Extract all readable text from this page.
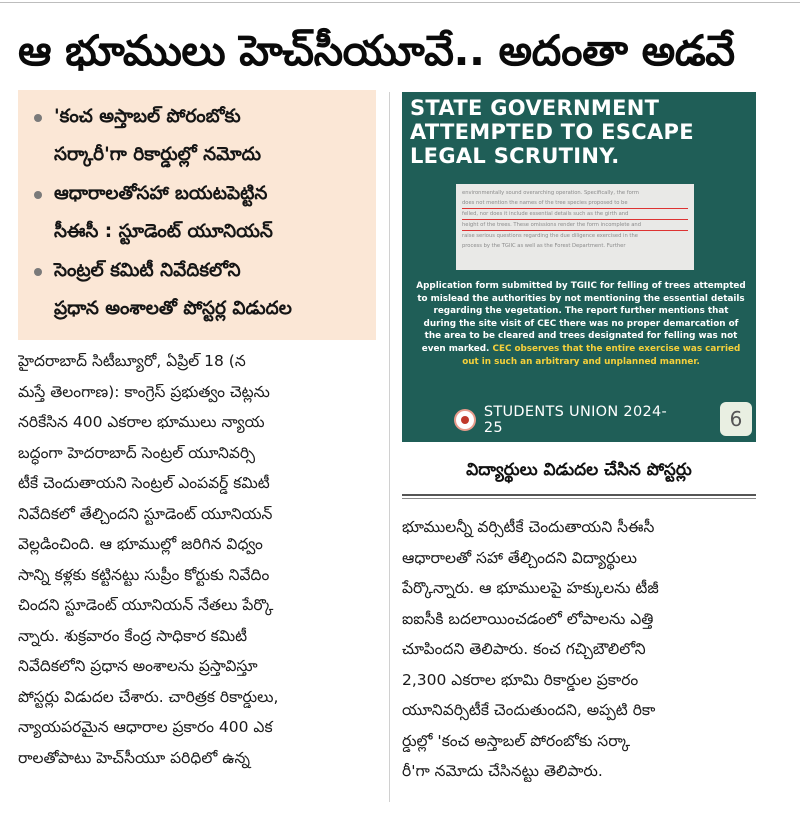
ఆ భూములు హెచ్‌సీయూవే.. అదంతా అడవే
'కంచ అస్తాబల్ పోరంబోకు
సర్కారీ'గా రికార్డుల్లో నమోదు
ఆధారాలతోసహా బయటపెట్టిన
సీఈసీ : స్టూడెంట్ యూనియన్
సెంట్రల్ కమిటీ నివేదికలోని
ప్రధాన అంశాలతో పోస్టర్ల విడుదల
STATE GOVERNMENT ATTEMPTED TO ESCAPE LEGAL SCRUTINY.
environmentally sound overarching operation. Specifically, the form
does not mention the names of the tree species proposed to be
felled, nor does it include essential details such as the girth and
height of the trees. These omissions render the form incomplete and
raise serious questions regarding the due diligence exercised in the
process by the TGIIC as well as the Forest Department. Further
Application form submitted by TGIIC for felling of trees attempted to mislead the authorities by not mentioning the essential details regarding the vegetation. The report further mentions that during the site visit of CEC there was no proper demarcation of the area to be cleared and trees designated for felling was not even marked. CEC observes that the entire exercise was carried out in such an arbitrary and unplanned manner.
STUDENTS UNION 2024-25	6
విద్యార్థులు విడుదల చేసిన పోస్టర్లు
హైదరాబాద్ సిటీబ్యూరో, ఏప్రిల్ 18 (న
మస్తే తెలంగాణ): కాంగ్రెస్ ప్రభుత్వం చెట్లను
నరికేసిన 400 ఎకరాల భూములు న్యాయ
బద్ధంగా హెదరాబాద్ సెంట్రల్ యూనివర్సి
టీకే చెందుతాయని సెంట్రల్ ఎంపవర్డ్ కమిటీ
నివేదికలో తేల్చిందని స్టూడెంట్ యూనియన్
వెల్లడించింది. ఆ భూముల్లో జరిగిన విధ్వం
సాన్ని కళ్లకు కట్టినట్టు సుప్రీం కోర్టుకు నివేదిం
చిందని స్టూడెంట్ యూనియన్ నేతలు పేర్కొ
న్నారు. శుక్రవారం కేంద్ర సాధికార కమిటీ
నివేదికలోని ప్రధాన అంశాలను ప్రస్తావిస్తూ
పోస్టర్లు విడుదల చేశారు. చారిత్రక రికార్డులు,
న్యాయపరమైన ఆధారాల ప్రకారం 400 ఎక
రాలతోపాటు హెచ్‌సీయూ పరిధిలో ఉన్న
భూములన్నీ వర్సిటీకే చెందుతాయని సీఈసీ
ఆధారాలతో సహా తేల్చిందని విద్యార్థులు
పేర్కొన్నారు. ఆ భూములపై హక్కులను టీజీ
ఐఐసీకి బదలాయించడంలో లోపాలను ఎత్తి
చూపిందని తెలిపారు. కంచ గచ్చిబౌలిలోని
2,300 ఎకరాల భూమి రికార్డుల ప్రకారం
యూనివర్సిటీకే చెందుతుందని, అప్పటి రికా
ర్డుల్లో 'కంచ అస్తాబల్ పోరంబోకు సర్కా
రీ'గా నమోదు చేసినట్టు తెలిపారు.
